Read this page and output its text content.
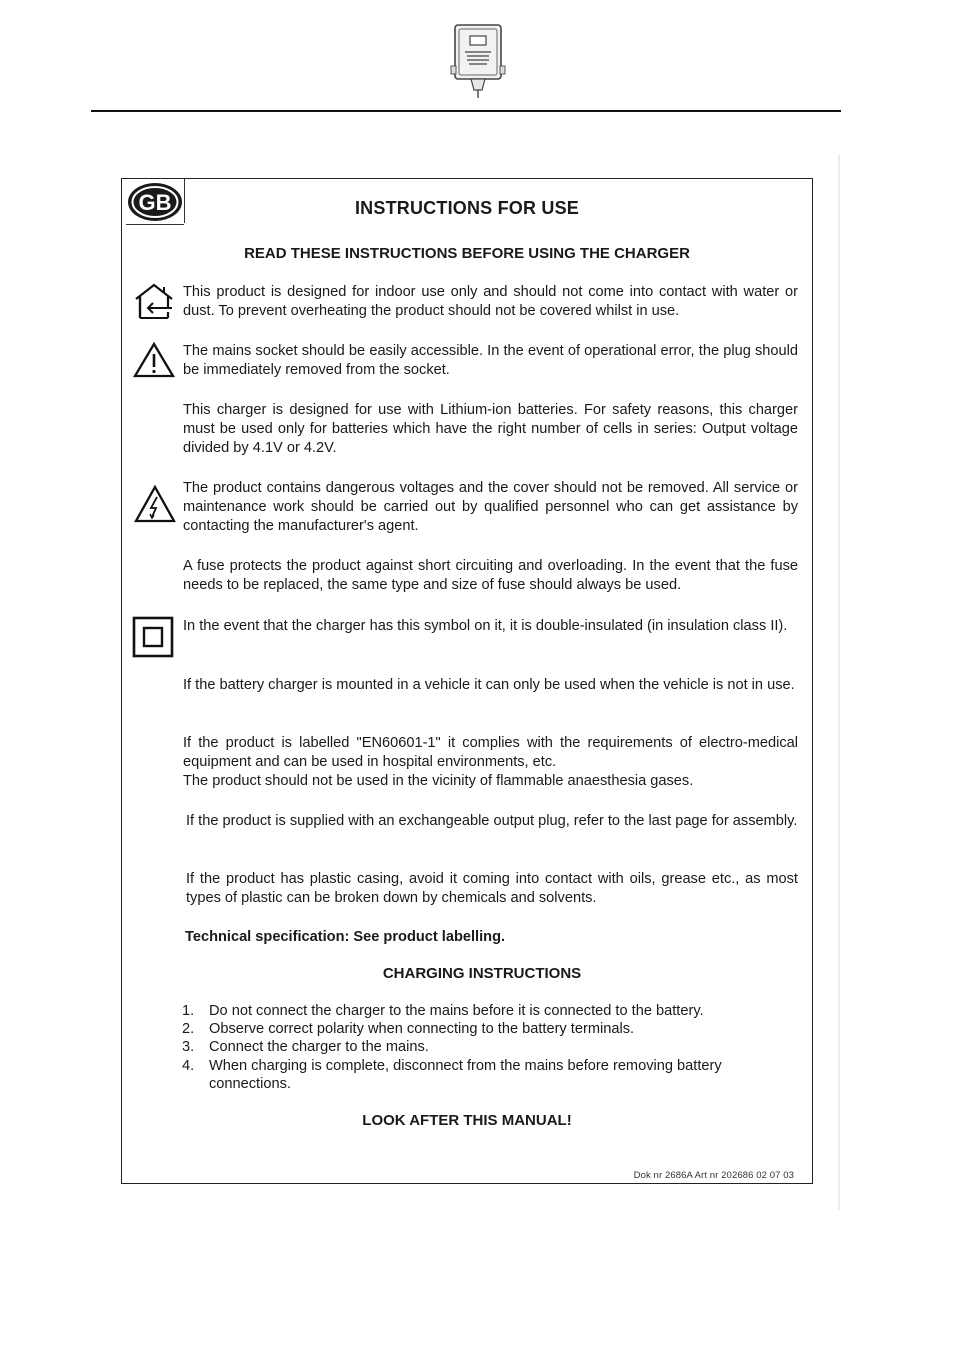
GB	INSTRUCTIONS FOR USE
READ THESE INSTRUCTIONS BEFORE USING THE CHARGER
This product is designed for indoor use only and should not come into contact with water or dust. To prevent overheating the product should not be covered whilst in use.
The mains socket should be easily accessible. In the event of operational error, the plug should be immediately removed from the socket.
This charger is designed for use with Lithium-ion batteries. For safety reasons, this charger must be used only for batteries which have the right number of cells in series: Output voltage divided by 4.1V or 4.2V.
The product contains dangerous voltages and the cover should not be removed. All service or maintenance work should be carried out by qualified personnel who can get assistance by contacting the manufacturer's agent.
A fuse protects the product against short circuiting and overloading. In the event that the fuse needs to be replaced, the same type and size of fuse should always be used.
In the event that the charger has this symbol on it, it is double-insulated (in insulation class II).
If the battery charger is mounted in a vehicle it can only be used when the vehicle is not in use.
If the product is labelled "EN60601-1" it complies with the requirements of electro-medical equipment and can be used in hospital environments, etc.
The product should not be used in the vicinity of flammable anaesthesia gases.
If the product is supplied with an exchangeable output plug, refer to the last page for assembly.
If the product has plastic casing, avoid it coming into contact with oils, grease etc., as most types of plastic can be broken down by chemicals and solvents.
Technical specification: See product labelling.
CHARGING INSTRUCTIONS
1. Do not connect the charger to the mains before it is connected to the battery.
2. Observe correct polarity when connecting to the battery terminals.
3. Connect the charger to the mains.
4. When charging is complete, disconnect from the mains before removing battery connections.
LOOK AFTER THIS MANUAL!
Dok nr 2686A Art nr 202686 02 07 03
